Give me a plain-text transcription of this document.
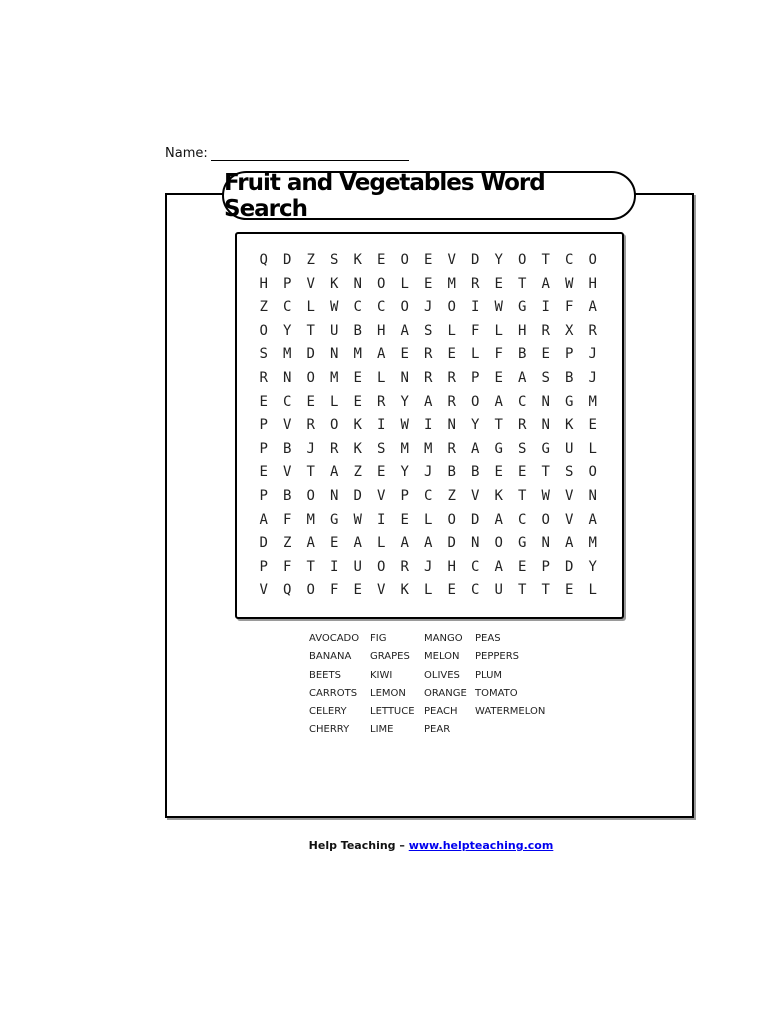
Name:
Fruit and Vegetables Word Search
Q	D	Z	S	K	E	O	E	V	D	Y	O	T	C	O
H	P	V	K	N	O	L	E	M	R	E	T	A	W	H
Z	C	L	W	C	C	O	J	O	I	W	G	I	F	A
O	Y	T	U	B	H	A	S	L	F	L	H	R	X	R
S	M	D	N	M	A	E	R	E	L	F	B	E	P	J
R	N	O	M	E	L	N	R	R	P	E	A	S	B	J
E	C	E	L	E	R	Y	A	R	O	A	C	N	G	M
P	V	R	O	K	I	W	I	N	Y	T	R	N	K	E
P	B	J	R	K	S	M	M	R	A	G	S	G	U	L
E	V	T	A	Z	E	Y	J	B	B	E	E	T	S	O
P	B	O	N	D	V	P	C	Z	V	K	T	W	V	N
A	F	M	G	W	I	E	L	O	D	A	C	O	V	A
D	Z	A	E	A	L	A	A	D	N	O	G	N	A	M
P	F	T	I	U	O	R	J	H	C	A	E	P	D	Y
V	Q	O	F	E	V	K	L	E	C	U	T	T	E	L
AVOCADO
BANANA
BEETS
CARROTS
CELERY
CHERRY
FIG
GRAPES
KIWI
LEMON
LETTUCE
LIME
MANGO
MELON
OLIVES
ORANGE
PEACH
PEAR
PEAS
PEPPERS
PLUM
TOMATO
WATERMELON
Help Teaching – www.helpteaching.com
